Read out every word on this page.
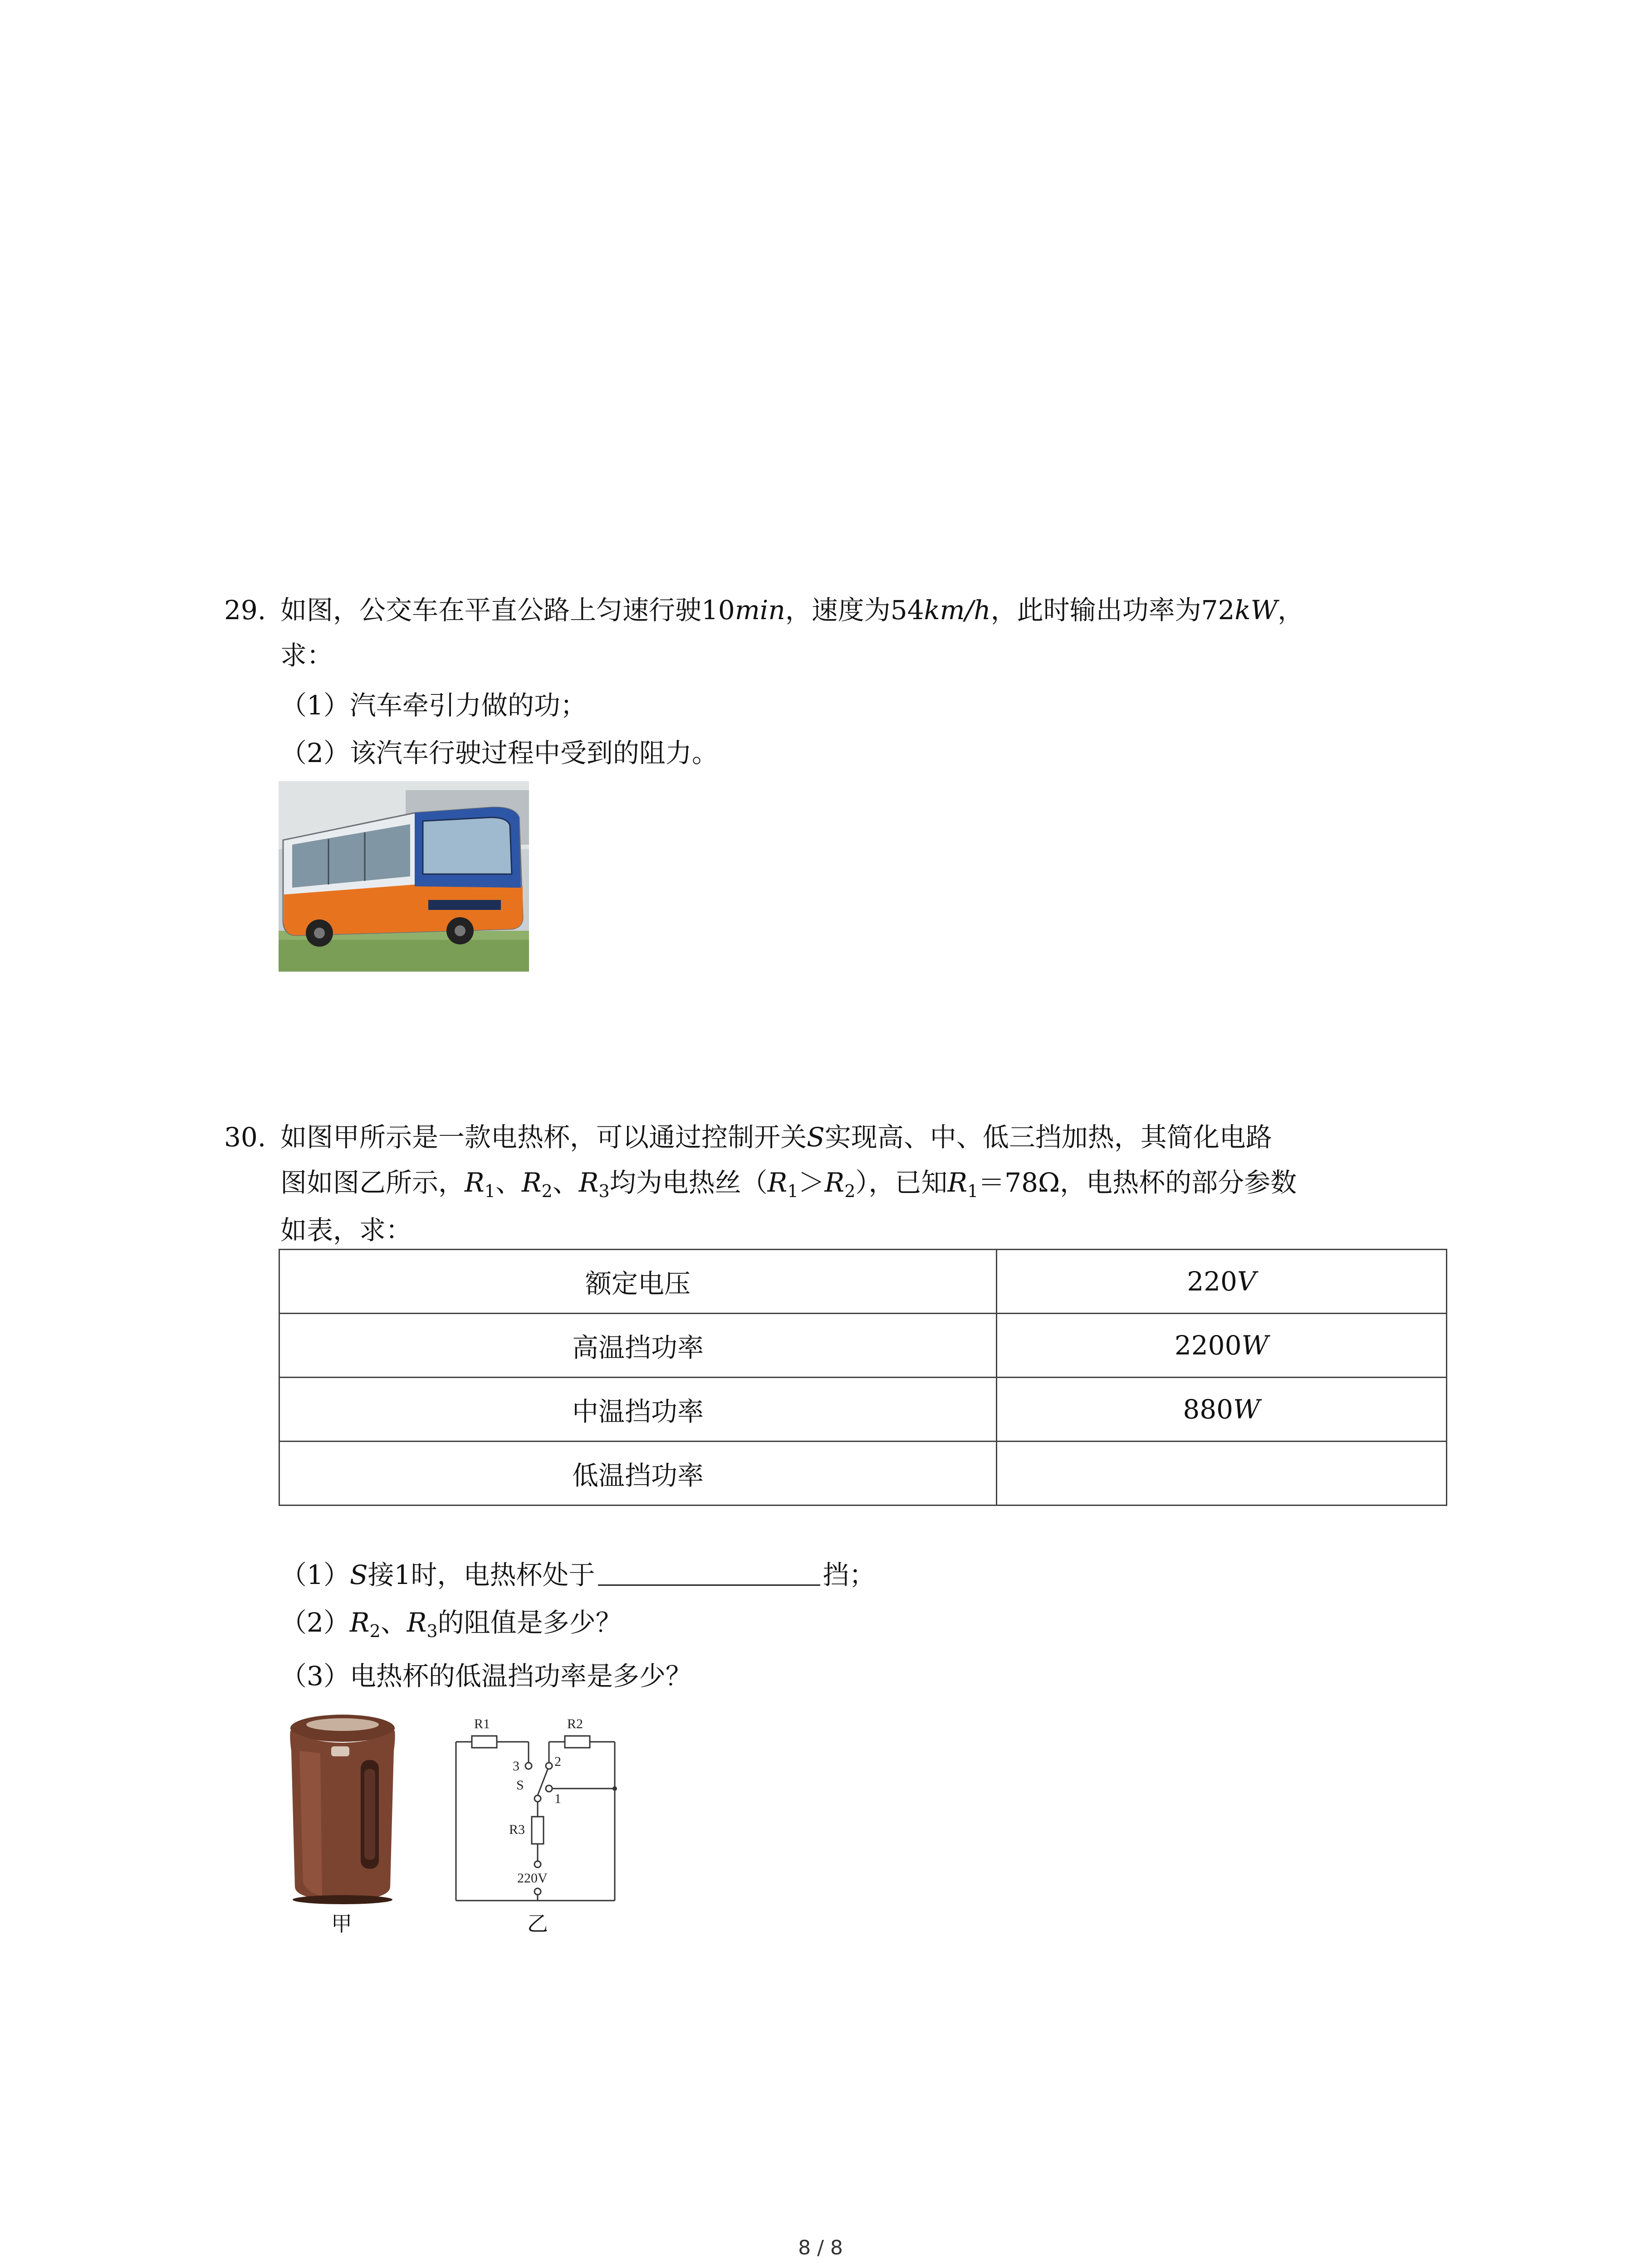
29. 如图，公交车在平直公路上匀速行驶10min，速度为54km/h，此时输出功率为72kW，
求：
（1）汽车牵引力做的功；
（2）该汽车行驶过程中受到的阻力。
30. 如图甲所示是一款电热杯，可以通过控制开关S实现高、中、低三挡加热，其简化电路
图如图乙所示，$R_1$、$R_2$、$R_3$均为电热丝$(R_1>R_2)$，已知$R_1=78\Omega$，电热杯的部分参数
如表，求：
额定电压	220V
高温挡功率	2200W
中温挡功率	880W
低温挡功率	
（1）S接1时，电热杯处于	挡；
$(2)R_2$、$R_3$的阻值是多少？
（3）电热杯的低温挡功率是多少？
甲
R1	R2
3	2
S
1
R3
220V
乙
8 / 8
